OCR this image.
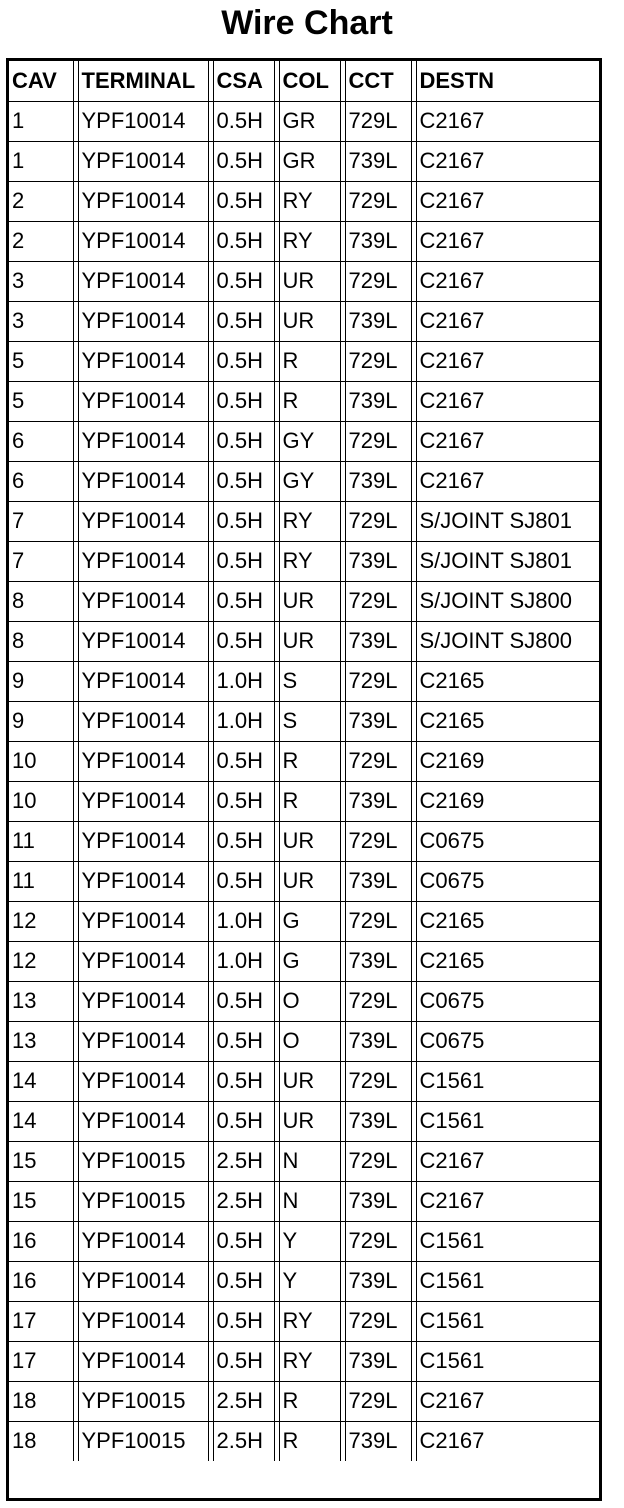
Wire Chart
CAV		TERMINAL		CSA		COL		CCT		DESTN
1		YPF10014		0.5H		GR		729L		C2167
1		YPF10014		0.5H		GR		739L		C2167
2		YPF10014		0.5H		RY		729L		C2167
2		YPF10014		0.5H		RY		739L		C2167
3		YPF10014		0.5H		UR		729L		C2167
3		YPF10014		0.5H		UR		739L		C2167
5		YPF10014		0.5H		R		729L		C2167
5		YPF10014		0.5H		R		739L		C2167
6		YPF10014		0.5H		GY		729L		C2167
6		YPF10014		0.5H		GY		739L		C2167
7		YPF10014		0.5H		RY		729L		S/JOINT SJ801
7		YPF10014		0.5H		RY		739L		S/JOINT SJ801
8		YPF10014		0.5H		UR		729L		S/JOINT SJ800
8		YPF10014		0.5H		UR		739L		S/JOINT SJ800
9		YPF10014		1.0H		S		729L		C2165
9		YPF10014		1.0H		S		739L		C2165
10		YPF10014		0.5H		R		729L		C2169
10		YPF10014		0.5H		R		739L		C2169
11		YPF10014		0.5H		UR		729L		C0675
11		YPF10014		0.5H		UR		739L		C0675
12		YPF10014		1.0H		G		729L		C2165
12		YPF10014		1.0H		G		739L		C2165
13		YPF10014		0.5H		O		729L		C0675
13		YPF10014		0.5H		O		739L		C0675
14		YPF10014		0.5H		UR		729L		C1561
14		YPF10014		0.5H		UR		739L		C1561
15		YPF10015		2.5H		N		729L		C2167
15		YPF10015		2.5H		N		739L		C2167
16		YPF10014		0.5H		Y		729L		C1561
16		YPF10014		0.5H		Y		739L		C1561
17		YPF10014		0.5H		RY		729L		C1561
17		YPF10014		0.5H		RY		739L		C1561
18		YPF10015		2.5H		R		729L		C2167
18		YPF10015		2.5H		R		739L		C2167
